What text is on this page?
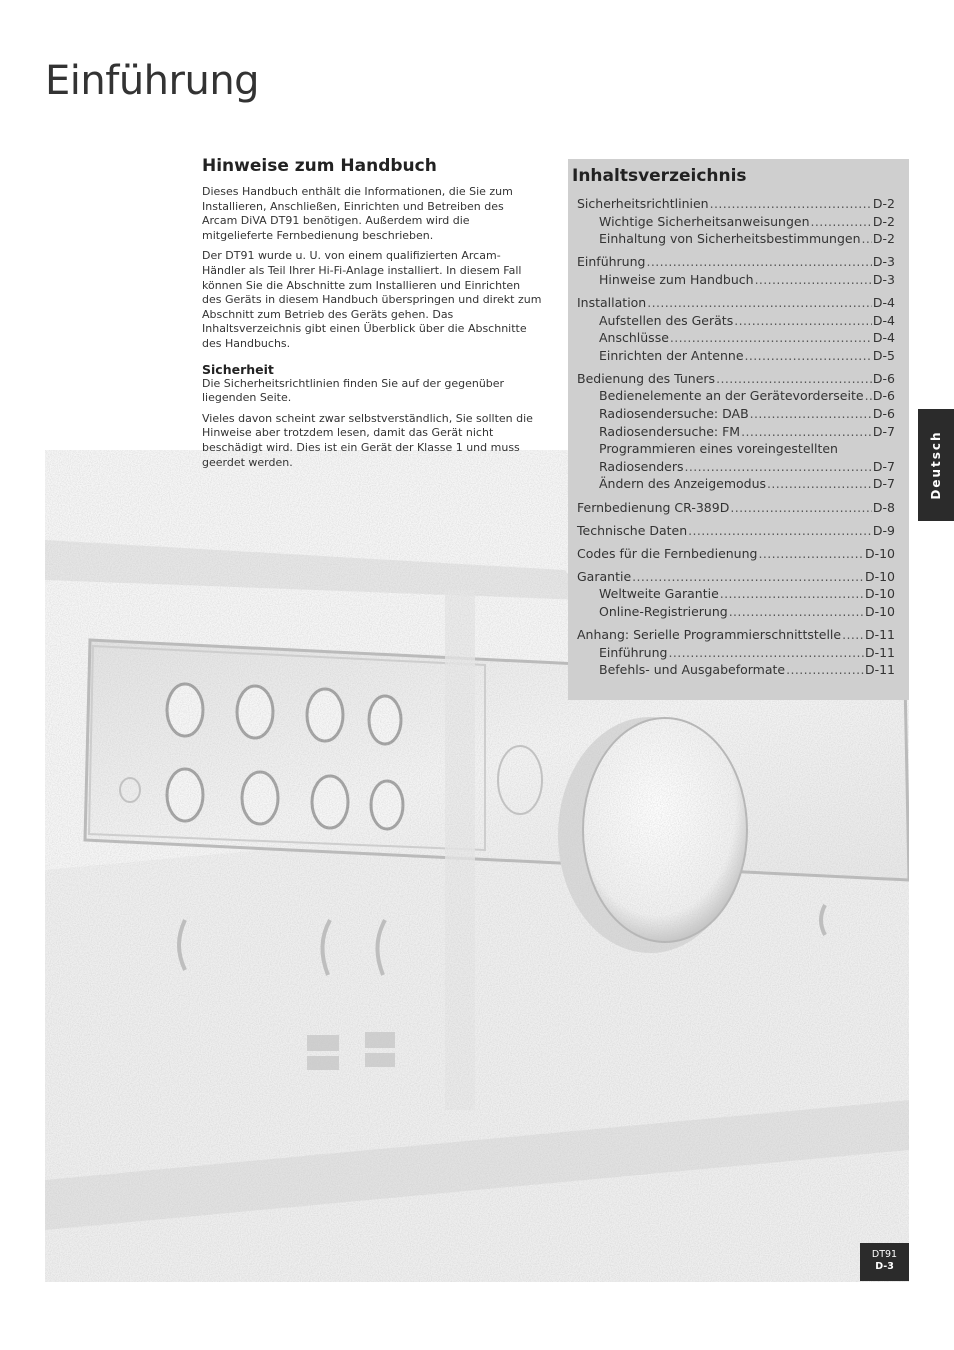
Einführung
Hinweise zum Handbuch

Dieses Handbuch enthält die Informationen, die Sie zum Installieren, Anschließen, Einrichten und Betreiben des Arcam DiVA DT91 benötigen. Außerdem wird die mitgelieferte Fernbedienung beschrieben.

Der DT91 wurde u. U. von einem qualifizierten Arcam-Händler als Teil Ihrer Hi-Fi-Anlage installiert. In diesem Fall können Sie die Abschnitte zum Installieren und Einrichten des Geräts in diesem Handbuch überspringen und direkt zum Abschnitt zum Betrieb des Geräts gehen. Das Inhaltsverzeichnis gibt einen Überblick über die Abschnitte des Handbuchs.

Sicherheit

Die Sicherheitsrichtlinien finden Sie auf der gegenüber liegenden Seite.

Vieles davon scheint zwar selbstverständlich, Sie sollten die Hinweise aber trotzdem lesen, damit das Gerät nicht beschädigt wird. Dies ist ein Gerät der Klasse 1 und muss geerdet werden.

Inhaltsverzeichnis
Sicherheitsrichtlinien .....	D-2
Wichtige Sicherheitsanweisungen .....	D-2
Einhaltung von Sicherheitsbestimmungen ..... D-2
Einführung .....	D-3
Hinweise zum Handbuch .....	D-3
Installation .....	D-4
Aufstellen des Geräts .....	D-4
Anschlüsse .....	D-4
Einrichten der Antenne .....	D-5
Bedienung des Tuners .....	D-6
Bedienelemente an der Gerätevorderseite ..... D-6
Radiosendersuche: DAB .....	D-6
Radiosendersuche: FM .....	D-7
Programmieren eines voreingestellten
Radiosenders .....	D-7
Ändern des Anzeigemodus .....	D-7
Fernbedienung CR-389D .....	D-8
Technische Daten .....	D-9
Codes für die Fernbedienung .....	D-10
Garantie .....	D-10
Weltweite Garantie .....	D-10
Online-Registrierung .....	D-10
Anhang: Serielle Programmierschnittstelle ..... D-11
Einführung .....	D-11
Befehls- und Ausgabeformate .....	D-11
Deutsch
DT91
D-3
